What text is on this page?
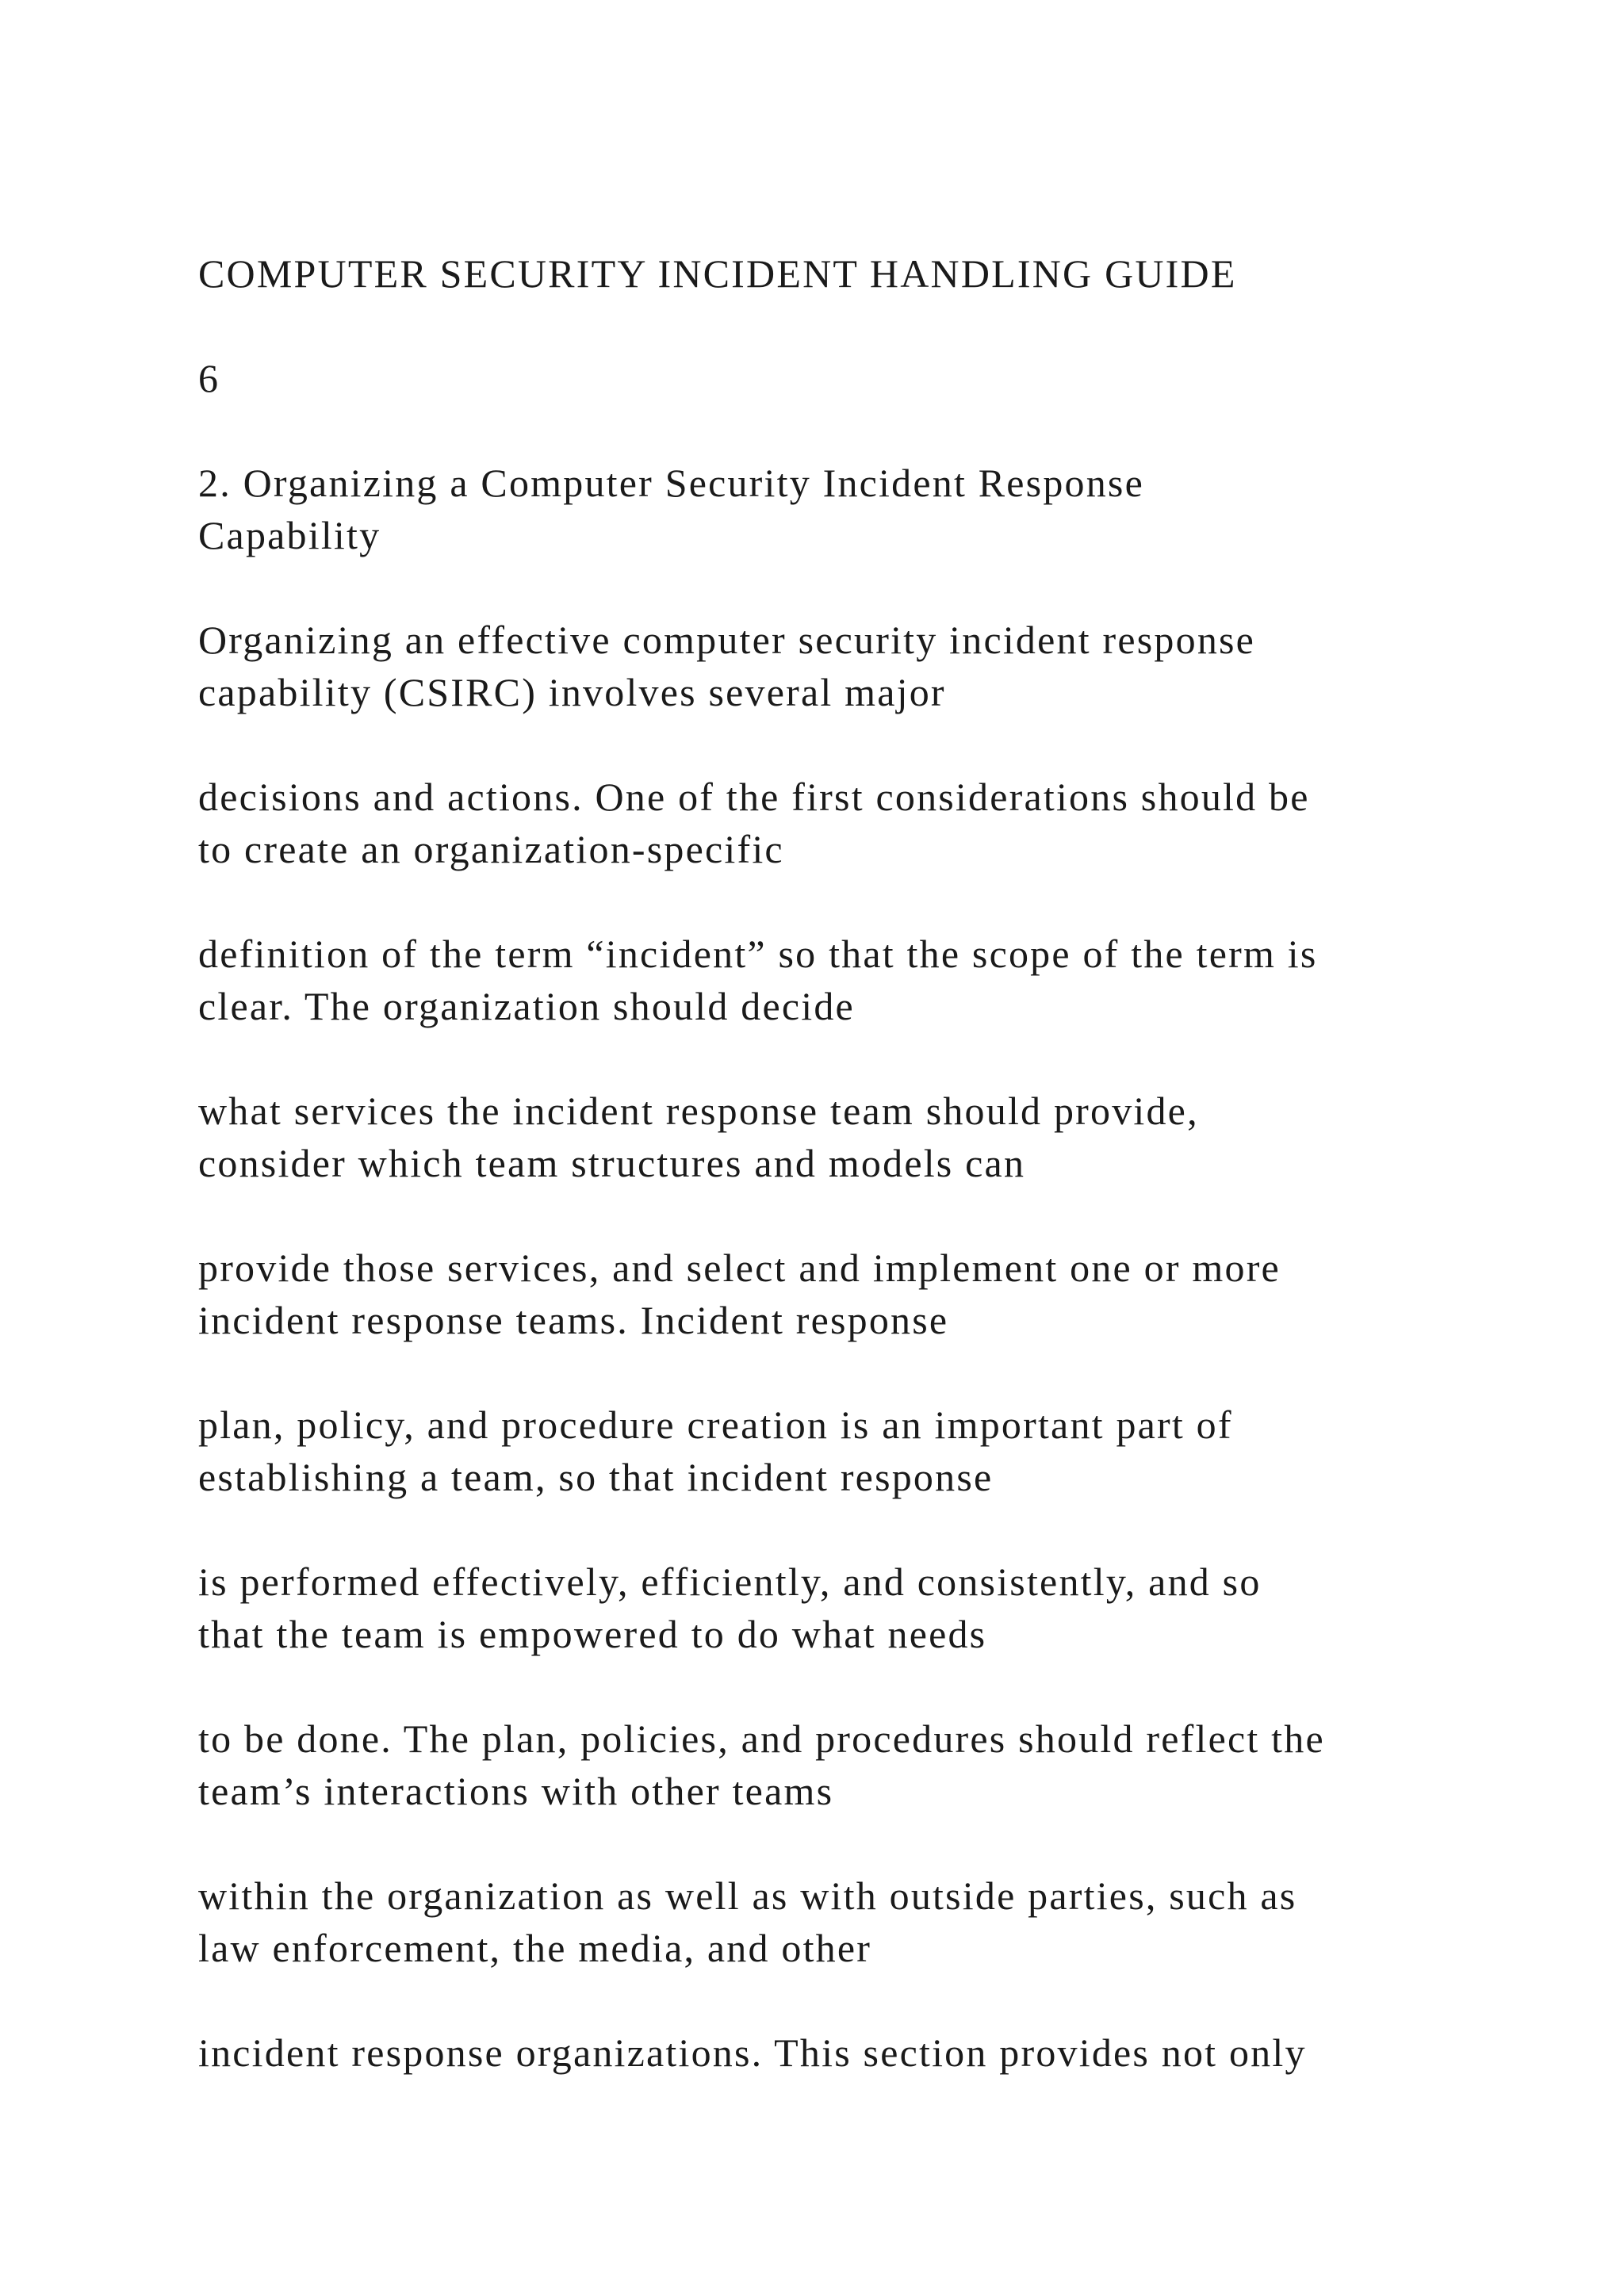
COMPUTER SECURITY INCIDENT HANDLING GUIDE

6

2. Organizing a Computer Security Incident Response

Capability

Organizing an effective computer security incident response

capability (CSIRC) involves several major

decisions and actions. One of the first considerations should be

to create an organization-specific

definition of the term “incident” so that the scope of the term is

clear. The organization should decide

what services the incident response team should provide,

consider which team structures and models can

provide those services, and select and implement one or more

incident response teams. Incident response

plan, policy, and procedure creation is an important part of

establishing a team, so that incident response

is performed effectively, efficiently, and consistently, and so

that the team is empowered to do what needs

to be done. The plan, policies, and procedures should reflect the

team’s interactions with other teams

within the organization as well as with outside parties, such as

law enforcement, the media, and other

incident response organizations. This section provides not only
